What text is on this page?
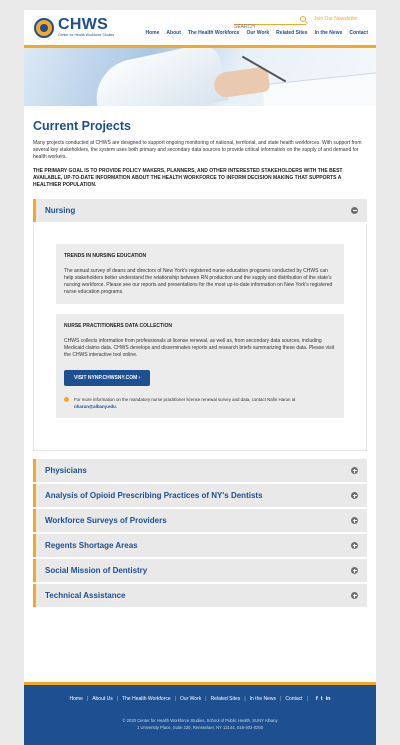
CHWS
Center for Health Workforce Studies
SEARCH
Join Our Newsletter
Home About The Health Workforce Our Work Related Sites In the News Contact
Current Projects

Many projects conducted at CHWS are designed to support ongoing monitoring of national, territorial, and state health workforces. With support from several key stakeholders, the system uses both primary and secondary data sources to provide critical information on the supply of and demand for health workers.

THE PRIMARY GOAL IS TO PROVIDE POLICY MAKERS, PLANNERS, AND OTHER INTERESTED STAKEHOLDERS WITH THE BEST AVAILABLE, UP-TO-DATE INFORMATION ABOUT THE HEALTH WORKFORCE TO INFORM DECISION MAKING THAT SUPPORTS A HEALTHIER POPULATION.

Nursing
TRENDS IN NURSING EDUCATION
The annual survey of deans and directors of New York's registered nurse education programs conducted by CHWS can help stakeholders better understand the relationship between RN production and the supply and distribution of the state's nursing workforce. Please see our reports and presentations for the most up-to-date information on New York's registered nurse education programs.
NURSE PRACTITIONERS DATA COLLECTION
CHWS collects information from professionals at license renewal, as well as, from secondary data sources, including Medicaid claims data. CHWS develops and disseminates reports and research briefs summarizing these data. Please visit the CHWS interactive tool online.
VISIT NYNP.CHWSNY.COM ›
For more information on the mandatory nurse practitioner license renewal survey and data, contact Nafin Harun at nharun@albany.edu.
Physicians
Analysis of Opioid Prescribing Practices of NY's Dentists
Workforce Surveys of Providers
Regents Shortage Areas
Social Mission of Dentistry
Technical Assistance
Home | About Us | The Health Workforce | Our Work | Related Sites | In the News | Contact | f t in
© 2020 Center for Health Workforce Studies, School of Public Health, SUNY Albany
1 University Place, Suite 220, Rensselaer, NY 12144, 518-402-0250
